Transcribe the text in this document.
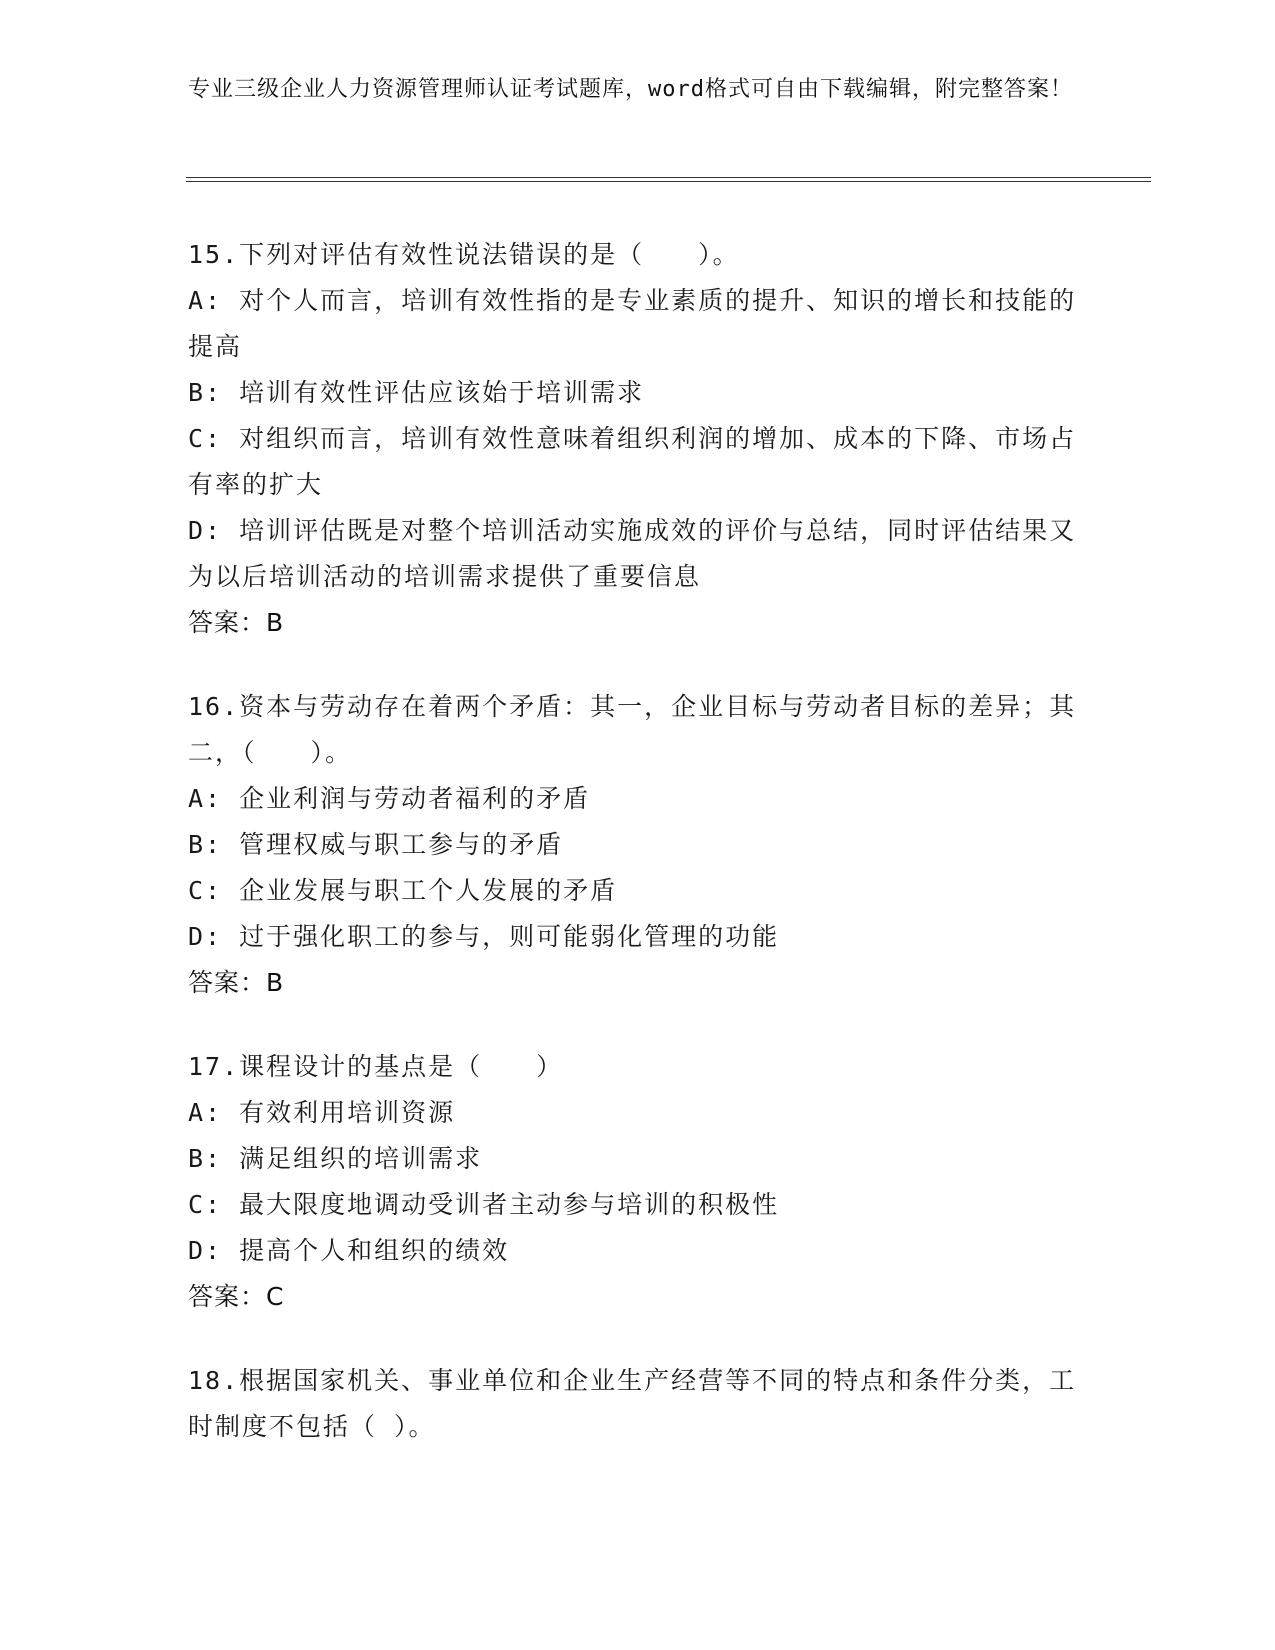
专业三级企业人力资源管理师认证考试题库，word格式可自由下载编辑，附完整答案！

15.下列对评估有效性说法错误的是（　　）。

A: 对个人而言，培训有效性指的是专业素质的提升、知识的增长和技能的提高

B: 培训有效性评估应该始于培训需求

C: 对组织而言，培训有效性意味着组织利润的增加、成本的下降、市场占有率的扩大

D: 培训评估既是对整个培训活动实施成效的评价与总结，同时评估结果又为以后培训活动的培训需求提供了重要信息

答案：B

16.资本与劳动存在着两个矛盾：其一，企业目标与劳动者目标的差异；其二，（　　）。

A: 企业利润与劳动者福利的矛盾

B: 管理权威与职工参与的矛盾

C: 企业发展与职工个人发展的矛盾

D: 过于强化职工的参与，则可能弱化管理的功能

答案：B

17.课程设计的基点是（　　）

A: 有效利用培训资源

B: 满足组织的培训需求

C: 最大限度地调动受训者主动参与培训的积极性

D: 提高个人和组织的绩效

答案：C

18.根据国家机关、事业单位和企业生产经营等不同的特点和条件分类，工时制度不包括（ ）。
